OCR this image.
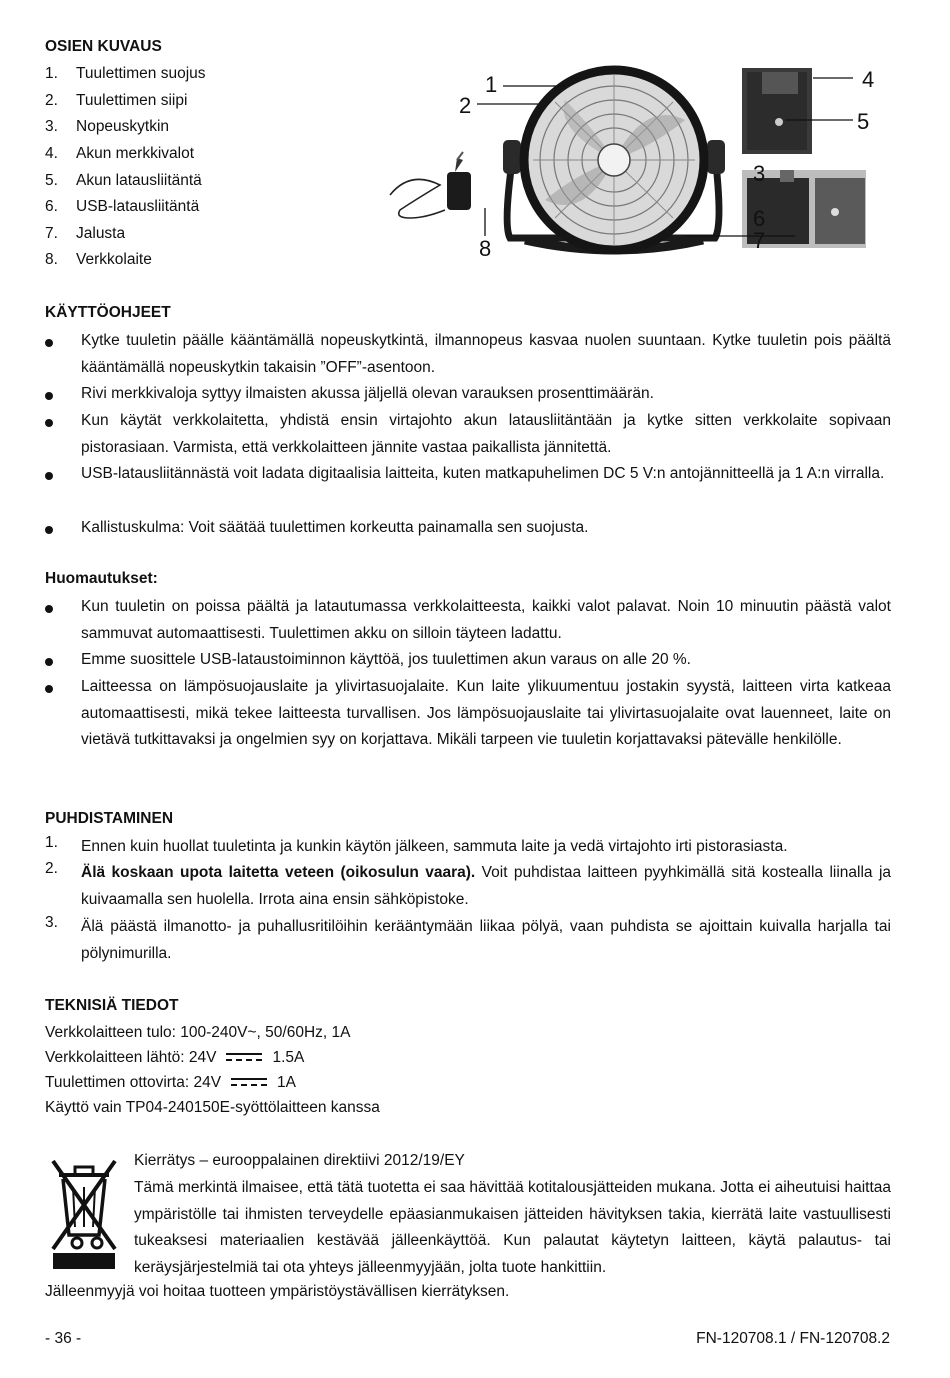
OSIEN KUVAUS
1.	Tuulettimen suojus
2.	Tuulettimen siipi
3.	Nopeuskytkin
4.	Akun merkkivalot
5.	Akun latausliitäntä
6.	USB-latausliitäntä
7.	Jalusta
8.	Verkkolaite
1
2
3
4
5
6
7
8
KÄYTTÖOHJEET
Kytke tuuletin päälle kääntämällä nopeuskytkintä, ilmannopeus kasvaa nuolen suuntaan. Kytke tuuletin pois päältä kääntämällä nopeuskytkin takaisin ”OFF”-asentoon.
Rivi merkkivaloja syttyy ilmaisten akussa jäljellä olevan varauksen prosenttimäärän.
Kun käytät verkkolaitetta, yhdistä ensin virtajohto akun latausliitäntään ja kytke sitten verkkolaite sopivaan pistorasiaan. Varmista, että verkkolaitteen jännite vastaa paikallista jännitettä.
USB-latausliitännästä voit ladata digitaalisia laitteita, kuten matkapuhelimen DC 5 V:n antojännitteellä ja 1 A:n virralla.
Kallistuskulma: Voit säätää tuulettimen korkeutta painamalla sen suojusta.
Huomautukset:
Kun tuuletin on poissa päältä ja latautumassa verkkolaitteesta, kaikki valot palavat. Noin 10 minuutin päästä valot sammuvat automaattisesti. Tuulettimen akku on silloin täyteen ladattu.
Emme suosittele USB-lataustoiminnon käyttöä, jos tuulettimen akun varaus on alle 20 %.
Laitteessa on lämpösuojauslaite ja ylivirtasuojalaite. Kun laite ylikuumentuu jostakin syystä, laitteen virta katkeaa automaattisesti, mikä tekee laitteesta turvallisen. Jos lämpösuojauslaite tai ylivirtasuojalaite ovat lauenneet, laite on vietävä tutkittavaksi ja ongelmien syy on korjattava. Mikäli tarpeen vie tuuletin korjattavaksi pätevälle henkilölle.
PUHDISTAMINEN
1.	Ennen kuin huollat tuuletinta ja kunkin käytön jälkeen, sammuta laite ja vedä virtajohto irti pistorasiasta.
2.	Älä koskaan upota laitetta veteen (oikosulun vaara). Voit puhdistaa laitteen pyyhkimällä sitä kostealla liinalla ja kuivaamalla sen huolella. Irrota aina ensin sähköpistoke.
3.	Älä päästä ilmanotto- ja puhallusritilöihin kerääntymään liikaa pölyä, vaan puhdista se ajoittain kuivalla harjalla tai pölynimurilla.
TEKNISIÄ TIEDOT
Verkkolaitteen tulo: 100-240V~, 50/60Hz, 1A
Verkkolaitteen lähtö: 24V	1.5A
Tuulettimen ottovirta: 24V	1A
Käyttö vain TP04-240150E-syöttölaitteen kanssa
Kierrätys – eurooppalainen direktiivi 2012/19/EY
Tämä merkintä ilmaisee, että tätä tuotetta ei saa hävittää kotitalousjätteiden mukana. Jotta ei aiheutuisi haittaa ympäristölle tai ihmisten terveydelle epäasianmukaisen jätteiden hävityksen takia, kierrätä laite vastuullisesti tukeaksesi materiaalien kestävää jälleenkäyttöä. Kun palautat käytetyn laitteen, käytä palautus- tai keräysjärjestelmiä tai ota yhteys jälleenmyyjään, jolta tuote hankittiin.
Jälleenmyyjä voi hoitaa tuotteen ympäristöystävällisen kierrätyksen.
- 36 -	FN-120708.1 / FN-120708.2
